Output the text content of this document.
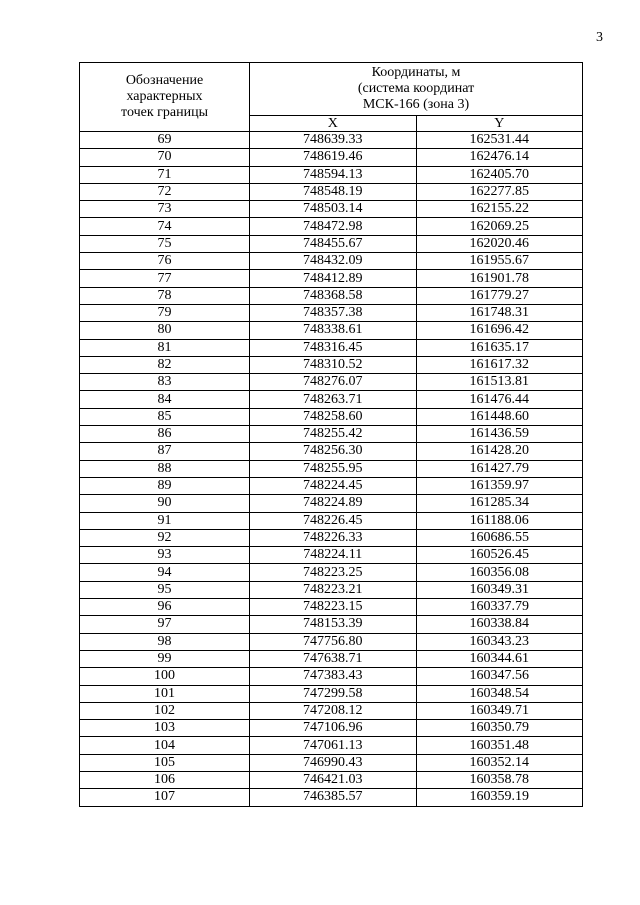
3
Обозначение
характерных
точек границы	Координаты, м
(система координат
МСК-166 (зона 3)	
	X	Y
69	748639.33	162531.44
70	748619.46	162476.14
71	748594.13	162405.70
72	748548.19	162277.85
73	748503.14	162155.22
74	748472.98	162069.25
75	748455.67	162020.46
76	748432.09	161955.67
77	748412.89	161901.78
78	748368.58	161779.27
79	748357.38	161748.31
80	748338.61	161696.42
81	748316.45	161635.17
82	748310.52	161617.32
83	748276.07	161513.81
84	748263.71	161476.44
85	748258.60	161448.60
86	748255.42	161436.59
87	748256.30	161428.20
88	748255.95	161427.79
89	748224.45	161359.97
90	748224.89	161285.34
91	748226.45	161188.06
92	748226.33	160686.55
93	748224.11	160526.45
94	748223.25	160356.08
95	748223.21	160349.31
96	748223.15	160337.79
97	748153.39	160338.84
98	747756.80	160343.23
99	747638.71	160344.61
100	747383.43	160347.56
101	747299.58	160348.54
102	747208.12	160349.71
103	747106.96	160350.79
104	747061.13	160351.48
105	746990.43	160352.14
106	746421.03	160358.78
107	746385.57	160359.19
